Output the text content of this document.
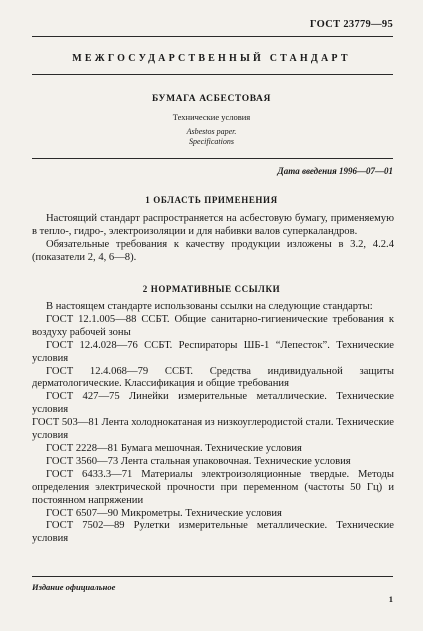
ГОСТ 23779—95
МЕЖГОСУДАРСТВЕННЫЙ СТАНДАРТ
БУМАГА АСБЕСТОВАЯ
Технические условия
Asbestos paper.
Specifications
Дата введения 1996—07—01
1 ОБЛАСТЬ ПРИМЕНЕНИЯ

Настоящий стандарт распространяется на асбестовую бумагу, применяемую в тепло-, гидро-, электроизоляции и для набивки валов суперкаландров.

Обязательные требования к качеству продукции изложены в 3.2, 4.2.4 (показатели 2, 4, 6—8).

2 НОРМАТИВНЫЕ ССЫЛКИ

В настоящем стандарте использованы ссылки на следующие стандарты:

ГОСТ 12.1.005—88 ССБТ. Общие санитарно-гигиенические требования к воздуху рабочей зоны

ГОСТ 12.4.028—76 ССБТ. Респираторы ШБ-1 “Лепесток”. Технические условия

ГОСТ 12.4.068—79 ССБТ. Средства индивидуальной защиты дерматологические. Классификация и общие требования

ГОСТ 427—75 Линейки измерительные металлические. Технические условия

ГОСТ 503—81 Лента холоднокатаная из низкоуглеродистой стали. Технические условия

ГОСТ 2228—81 Бумага мешочная. Технические условия

ГОСТ 3560—73 Лента стальная упаковочная. Технические условия

ГОСТ 6433.3—71 Материалы электроизоляционные твердые. Методы определения электрической прочности при переменном (частоты 50 Гц) и постоянном напряжении

ГОСТ 6507—90 Микрометры. Технические условия

ГОСТ 7502—89 Рулетки измерительные металлические. Технические условия

Издание официальное
1
